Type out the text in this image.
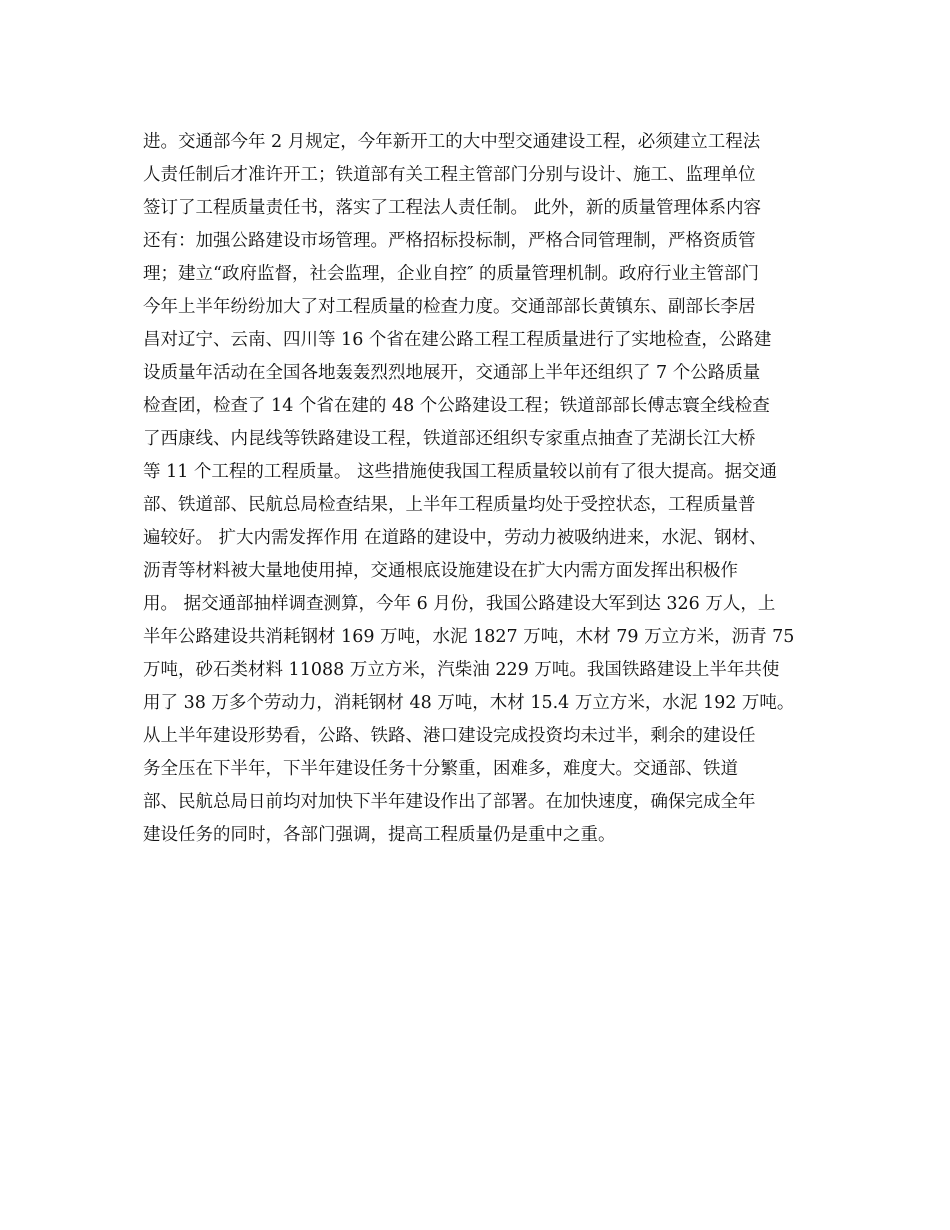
进。交通部今年 2 月规定，今年新开工的大中型交通建设工程，必须建立工程法
人责任制后才准许开工；铁道部有关工程主管部门分别与设计、施工、监理单位
签订了工程质量责任书，落实了工程法人责任制。 此外，新的质量管理体系内容
还有：加强公路建设市场管理。严格招标投标制，严格合同管理制，严格资质管
理；建立“政府监督，社会监理，企业自控″ 的质量管理机制。政府行业主管部门
今年上半年纷纷加大了对工程质量的检查力度。交通部部长黄镇东、副部长李居
昌对辽宁、云南、四川等 16 个省在建公路工程工程质量进行了实地检查，公路建
设质量年活动在全国各地轰轰烈烈地展开，交通部上半年还组织了 7 个公路质量
检查团，检查了 14 个省在建的 48 个公路建设工程；铁道部部长傅志寰全线检查
了西康线、内昆线等铁路建设工程，铁道部还组织专家重点抽查了芜湖长江大桥
等 11 个工程的工程质量。 这些措施使我国工程质量较以前有了很大提高。据交通
部、铁道部、民航总局检查结果，上半年工程质量均处于受控状态，工程质量普
遍较好。 扩大内需发挥作用 在道路的建设中，劳动力被吸纳进来，水泥、钢材、
沥青等材料被大量地使用掉，交通根底设施建设在扩大内需方面发挥出积极作
用。 据交通部抽样调查测算，今年 6 月份，我国公路建设大军到达 326 万人，上
半年公路建设共消耗钢材 169 万吨，水泥 1827 万吨，木材 79 万立方米，沥青 75
万吨，砂石类材料 11088 万立方米，汽柴油 229 万吨。我国铁路建设上半年共使
用了 38 万多个劳动力，消耗钢材 48 万吨，木材 15.4 万立方米，水泥 192 万吨。
从上半年建设形势看，公路、铁路、港口建设完成投资均未过半，剩余的建设任
务全压在下半年，下半年建设任务十分繁重，困难多，难度大。交通部、铁道
部、民航总局日前均对加快下半年建设作出了部署。在加快速度，确保完成全年
建设任务的同时，各部门强调，提高工程质量仍是重中之重。
